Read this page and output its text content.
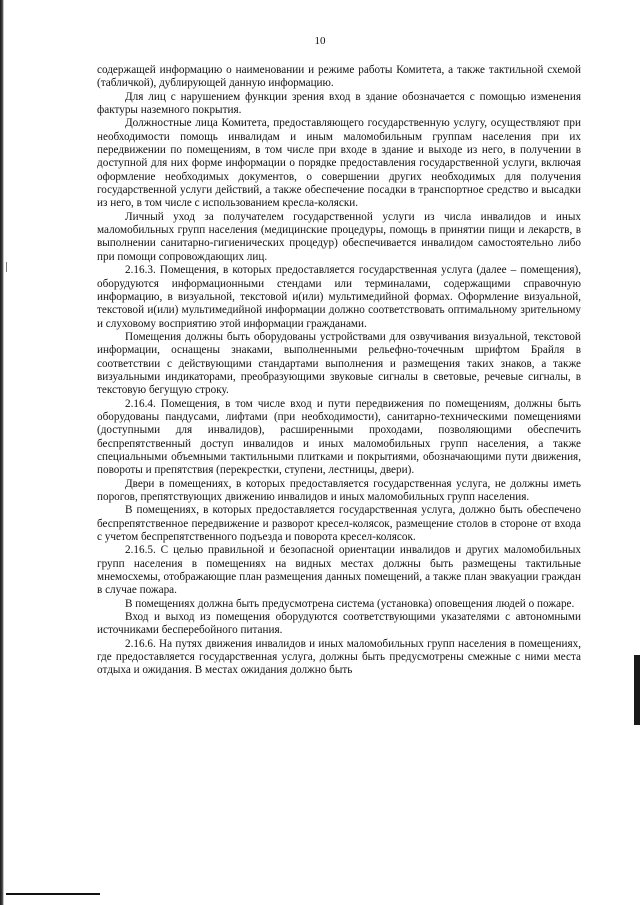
10

содержащей информацию о наименовании и режиме работы Комитета, а также тактильной схемой (табличкой), дублирующей данную информацию.

Для лиц с нарушением функции зрения вход в здание обозначается с помощью изменения фактуры наземного покрытия.

Должностные лица Комитета, предоставляющего государственную услугу, осуществляют при необходимости помощь инвалидам и иным маломобильным группам населения при их передвижении по помещениям, в том числе при входе в здание и выходе из него, в получении в доступной для них форме информации о порядке предоставления государственной услуги, включая оформление необходимых документов, о совершении других необходимых для получения государственной услуги действий, а также обеспечение посадки в транспортное средство и высадки из него, в том числе с использованием кресла-коляски.

Личный уход за получателем государственной услуги из числа инвалидов и иных маломобильных групп населения (медицинские процедуры, помощь в принятии пищи и лекарств, в выполнении санитарно-гигиенических процедур) обеспечивается инвалидом самостоятельно либо при помощи сопровождающих лиц.

2.16.3. Помещения, в которых предоставляется государственная услуга (далее – помещения), оборудуются информационными стендами или терминалами, содержащими справочную информацию, в визуальной, текстовой и(или) мультимедийной формах. Оформление визуальной, текстовой и(или) мультимедийной информации должно соответствовать оптимальному зрительному и слуховому восприятию этой информации гражданами.

Помещения должны быть оборудованы устройствами для озвучивания визуальной, текстовой информации, оснащены знаками, выполненными рельефно-точечным шрифтом Брайля в соответствии с действующими стандартами выполнения и размещения таких знаков, а также визуальными индикаторами, преобразующими звуковые сигналы в световые, речевые сигналы, в текстовую бегущую строку.

2.16.4. Помещения, в том числе вход и пути передвижения по помещениям, должны быть оборудованы пандусами, лифтами (при необходимости), санитарно-техническими помещениями (доступными для инвалидов), расширенными проходами, позволяющими обеспечить беспрепятственный доступ инвалидов и иных маломобильных групп населения, а также специальными объемными тактильными плитками и покрытиями, обозначающими пути движения, повороты и препятствия (перекрестки, ступени, лестницы, двери).

Двери в помещениях, в которых предоставляется государственная услуга, не должны иметь порогов, препятствующих движению инвалидов и иных маломобильных групп населения.

В помещениях, в которых предоставляется государственная услуга, должно быть обеспечено беспрепятственное передвижение и разворот кресел-колясок, размещение столов в стороне от входа с учетом беспрепятственного подъезда и поворота кресел-колясок.

2.16.5. С целью правильной и безопасной ориентации инвалидов и других маломобильных групп населения в помещениях на видных местах должны быть размещены тактильные мнемосхемы, отображающие план размещения данных помещений, а также план эвакуации граждан в случае пожара.

В помещениях должна быть предусмотрена система (установка) оповещения людей о пожаре.

Вход и выход из помещения оборудуются соответствующими указателями с автономными источниками бесперебойного питания.

2.16.6. На путях движения инвалидов и иных маломобильных групп населения в помещениях, где предоставляется государственная услуга, должны быть предусмотрены смежные с ними места отдыха и ожидания. В местах ожидания должно быть
